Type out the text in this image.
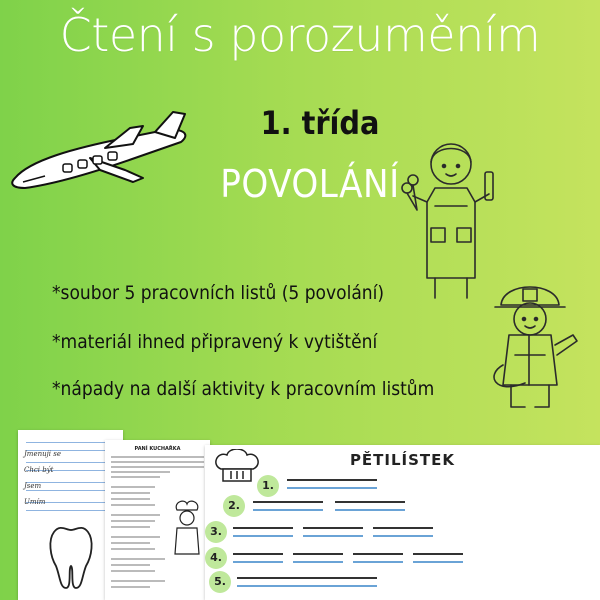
Čtení s porozuměním
1. třída
POVOLÁNÍ
*soubor 5 pracovních listů (5 povolání)
*materiál ihned připravený k vytištění
*nápady na další aktivity k pracovním listům
Jmenuji se
Chci být
Jsem
Umím
PANÍ KUCHAŘKA
PĚTILÍSTEK
1.
2.
3.
4.
5.
